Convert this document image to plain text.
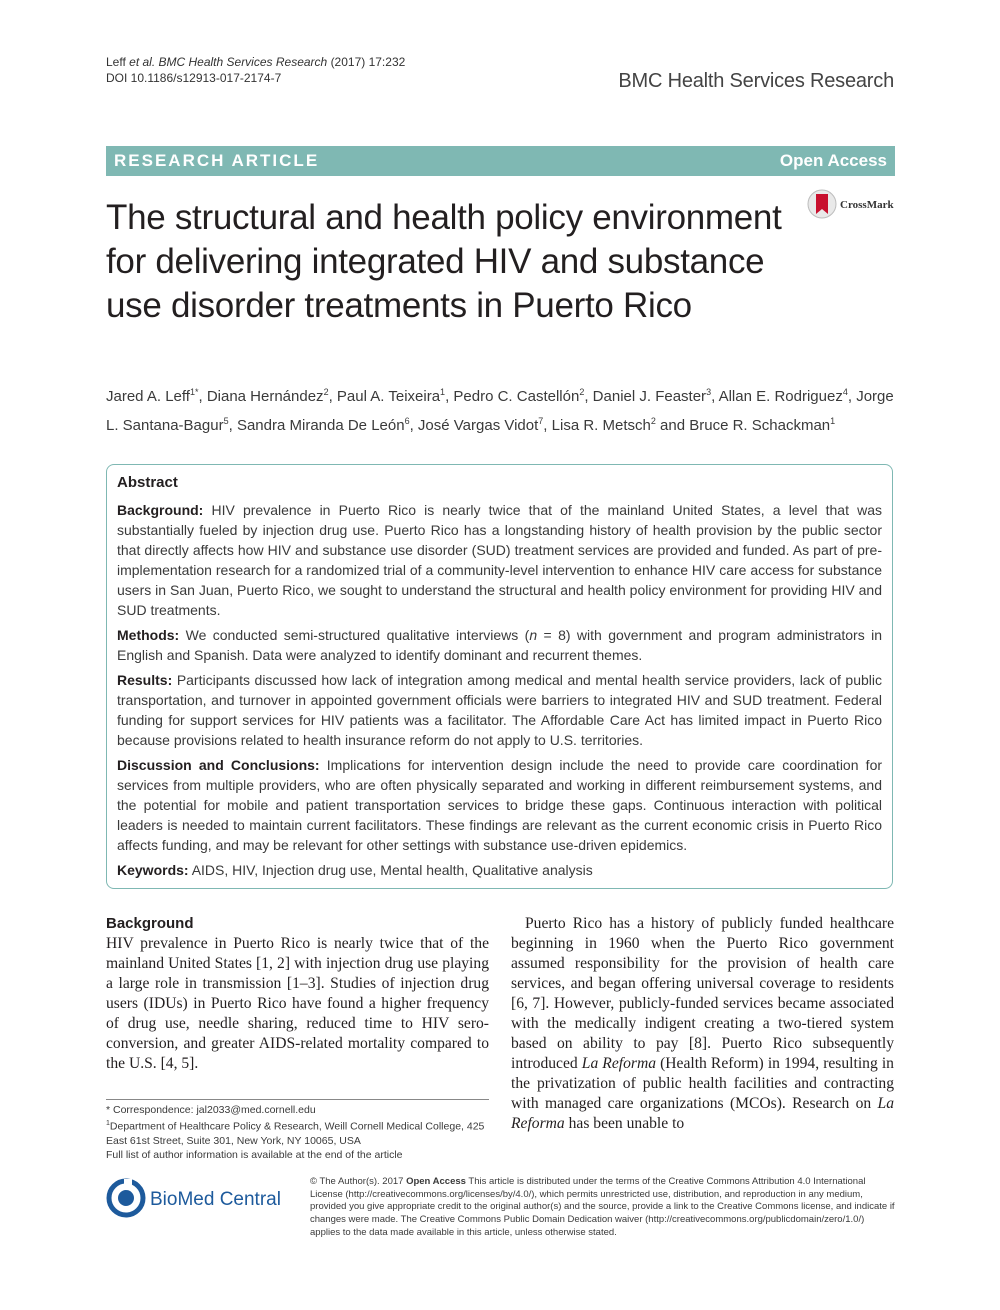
Leff et al. BMC Health Services Research (2017) 17:232
DOI 10.1186/s12913-017-2174-7	BMC Health Services Research
RESEARCH ARTICLE	Open Access
CrossMark
The structural and health policy environment for delivering integrated HIV and substance use disorder treatments in Puerto Rico
Jared A. Leff$^{1*}$, Diana Hernández$^2$, Paul A. Teixeira$^1$, Pedro C. Castellón$^2$, Daniel J. Feaster$^3$, Allan E. Rodriguez$^4$, Jorge L. Santana-Bagur$^5$, Sandra Miranda De León$^6$, José Vargas Vidot$^7$, Lisa R. Metsch$^2$ and Bruce R. Schackman$^1$
Abstract

Background: HIV prevalence in Puerto Rico is nearly twice that of the mainland United States, a level that was substantially fueled by injection drug use. Puerto Rico has a longstanding history of health provision by the public sector that directly affects how HIV and substance use disorder (SUD) treatment services are provided and funded. As part of pre-implementation research for a randomized trial of a community-level intervention to enhance HIV care access for substance users in San Juan, Puerto Rico, we sought to understand the structural and health policy environment for providing HIV and SUD treatments.

Methods: We conducted semi-structured qualitative interviews (n = 8) with government and program administrators in English and Spanish. Data were analyzed to identify dominant and recurrent themes.

Results: Participants discussed how lack of integration among medical and mental health service providers, lack of public transportation, and turnover in appointed government officials were barriers to integrated HIV and SUD treatment. Federal funding for support services for HIV patients was a facilitator. The Affordable Care Act has limited impact in Puerto Rico because provisions related to health insurance reform do not apply to U.S. territories.

Discussion and Conclusions: Implications for intervention design include the need to provide care coordination for services from multiple providers, who are often physically separated and working in different reimbursement systems, and the potential for mobile and patient transportation services to bridge these gaps. Continuous interaction with political leaders is needed to maintain current facilitators. These findings are relevant as the current economic crisis in Puerto Rico affects funding, and may be relevant for other settings with substance use-driven epidemics.

Keywords: AIDS, HIV, Injection drug use, Mental health, Qualitative analysis

Background

HIV prevalence in Puerto Rico is nearly twice that of the mainland United States [1, 2] with injection drug use playing a large role in transmission [1–3]. Studies of injection drug users (IDUs) in Puerto Rico have found a higher frequency of drug use, needle sharing, reduced time to HIV sero-conversion, and greater AIDS-related mortality compared to the U.S. [4, 5].

Puerto Rico has a history of publicly funded healthcare beginning in 1960 when the Puerto Rico government assumed responsibility for the provision of health care services, and began offering universal coverage to residents [6, 7]. However, publicly-funded services became associated with the medically indigent creating a two-tiered system based on ability to pay [8]. Puerto Rico subsequently introduced La Reforma (Health Reform) in 1994, resulting in the privatization of public health facilities and contracting with managed care organizations (MCOs). Research on La Reforma has been unable to

* Correspondence: jal2033@med.cornell.edu
$^1$Department of Healthcare Policy & Research, Weill Cornell Medical College, 425 East 61st Street, Suite 301, New York, NY 10065, USA
Full list of author information is available at the end of the article
BioMed Central
© The Author(s). 2017 Open Access This article is distributed under the terms of the Creative Commons Attribution 4.0 International License (http://creativecommons.org/licenses/by/4.0/), which permits unrestricted use, distribution, and reproduction in any medium, provided you give appropriate credit to the original author(s) and the source, provide a link to the Creative Commons license, and indicate if changes were made. The Creative Commons Public Domain Dedication waiver (http://creativecommons.org/publicdomain/zero/1.0/) applies to the data made available in this article, unless otherwise stated.
